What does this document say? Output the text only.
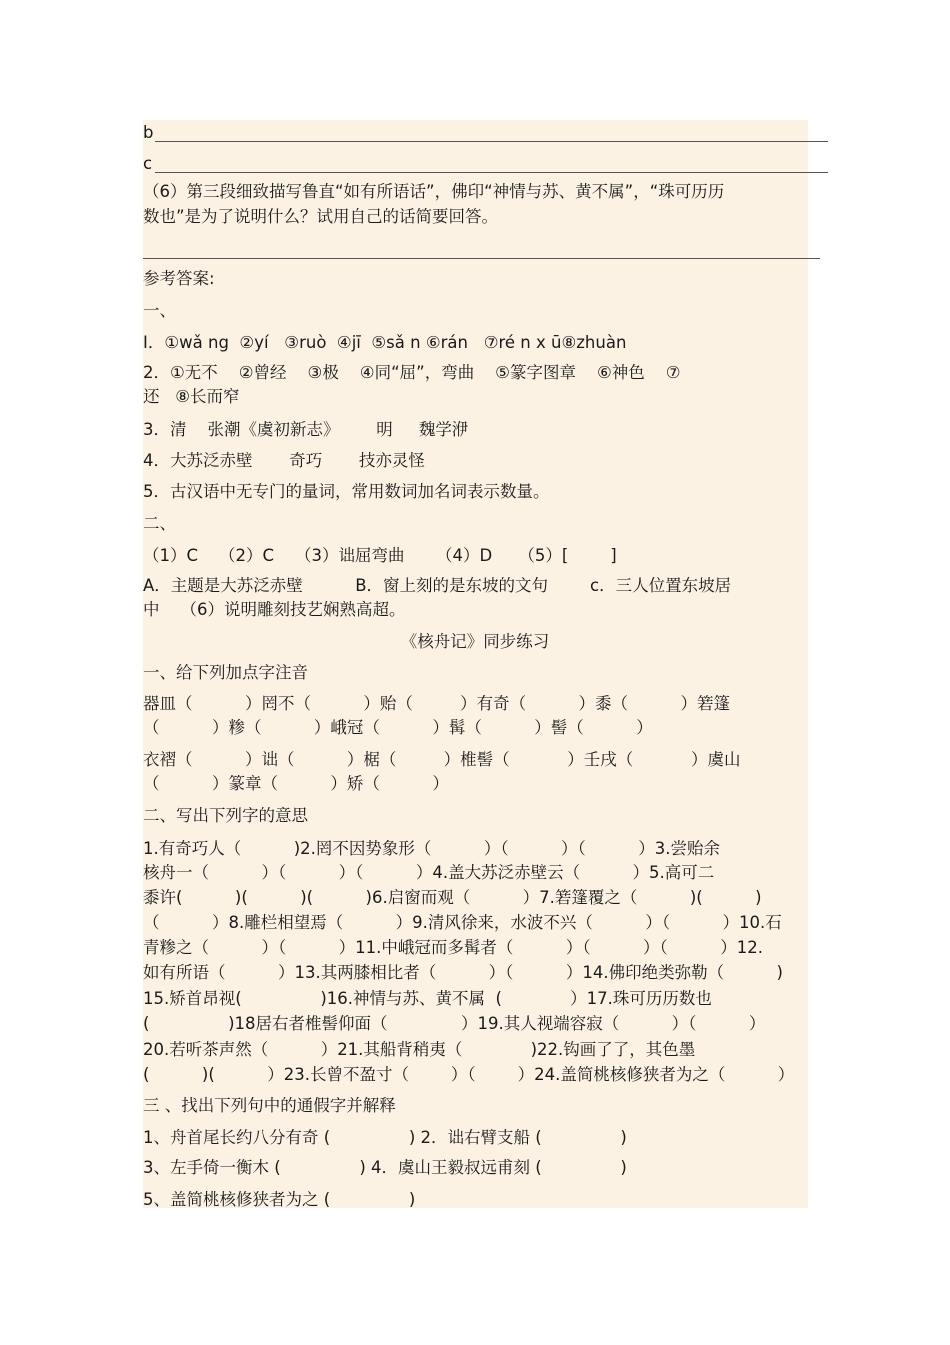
b
c
（6）第三段细致描写鲁直“如有所语话”，佛印“神情与苏、黄不属”，“珠可历历
数也”是为了说明什么？试用自己的话简要回答。
参考答案:
一、
I．①wǎ ng  ②yí   ③ruò  ④jī  ⑤sǎ n ⑥rán   ⑦ré n x ū⑧zhuàn
2．①无不    ②曾经    ③极    ④同“屈”，弯曲    ⑤篆字图章    ⑥神色    ⑦
还   ⑧长而窄
3．清    张潮《虞初新志》       明     魏学洢
4．大苏泛赤壁       奇巧       技亦灵怪
5．古汉语中无专门的量词，常用数词加名词表示数量。
二、
（1）C    （2）C    （3）诎屈弯曲      （4）D     （5）[        ]
A．主题是大苏泛赤壁          B．窗上刻的是东坡的文句        c．三人位置东坡居
中    （6）说明雕刻技艺娴熟高超。
《核舟记》同步练习
一、给下列加点字注音
器皿（          ）罔不（          ）贻（         ）有奇（          ）黍（          ）箬篷
（          ）糁（          ）峨冠（          ）髯（          ）髻（          ）
衣褶（          ）诎（          ）椐（         ）椎髻（           ）壬戌（           ）虞山
（          ）篆章（          ）矫（          ）
二、写出下列字的意思
1.有奇巧人（          )2.罔不因势象形（          ）（          ）（          ）3.尝贻余
核舟一（          ）（          ）（          ）4.盖大苏泛赤壁云（          ）5.高可二
黍许(          )(          )(          )6.启窗而观（          ）7.箬篷覆之（          )(          )
（          ）8.雕栏相望焉（          ）9.清风徐来，水波不兴（          ）（          ）10.石
青糁之（          ）（          ）11.中峨冠而多髯者（          ）（          ）（          ）12.
如有所语（          ）13.其两膝相比者（          ）（          ）14.佛印绝类弥勒（          )
15.矫首昂视(               )16.神情与苏、黄不属  (             ）17.珠可历历数也
(               )18居右者椎髻仰面（              ）19.其人视端容寂（          ）（          ）
20.若听茶声然（          ）21.其船背稍夷（             )22.钩画了了，其色墨
(          )(          ）23.长曾不盈寸（        ）（        ）24.盖简桃核修狭者为之（          ）
三 、找出下列句中的通假字并解释
1、舟首尾长约八分有奇 (               ) 2．诎右臂支船 (               )
3、左手倚一衡木 (               ) 4．虞山王毅叔远甫刻 (               )
5、盖简桃核修狭者为之 (               )
